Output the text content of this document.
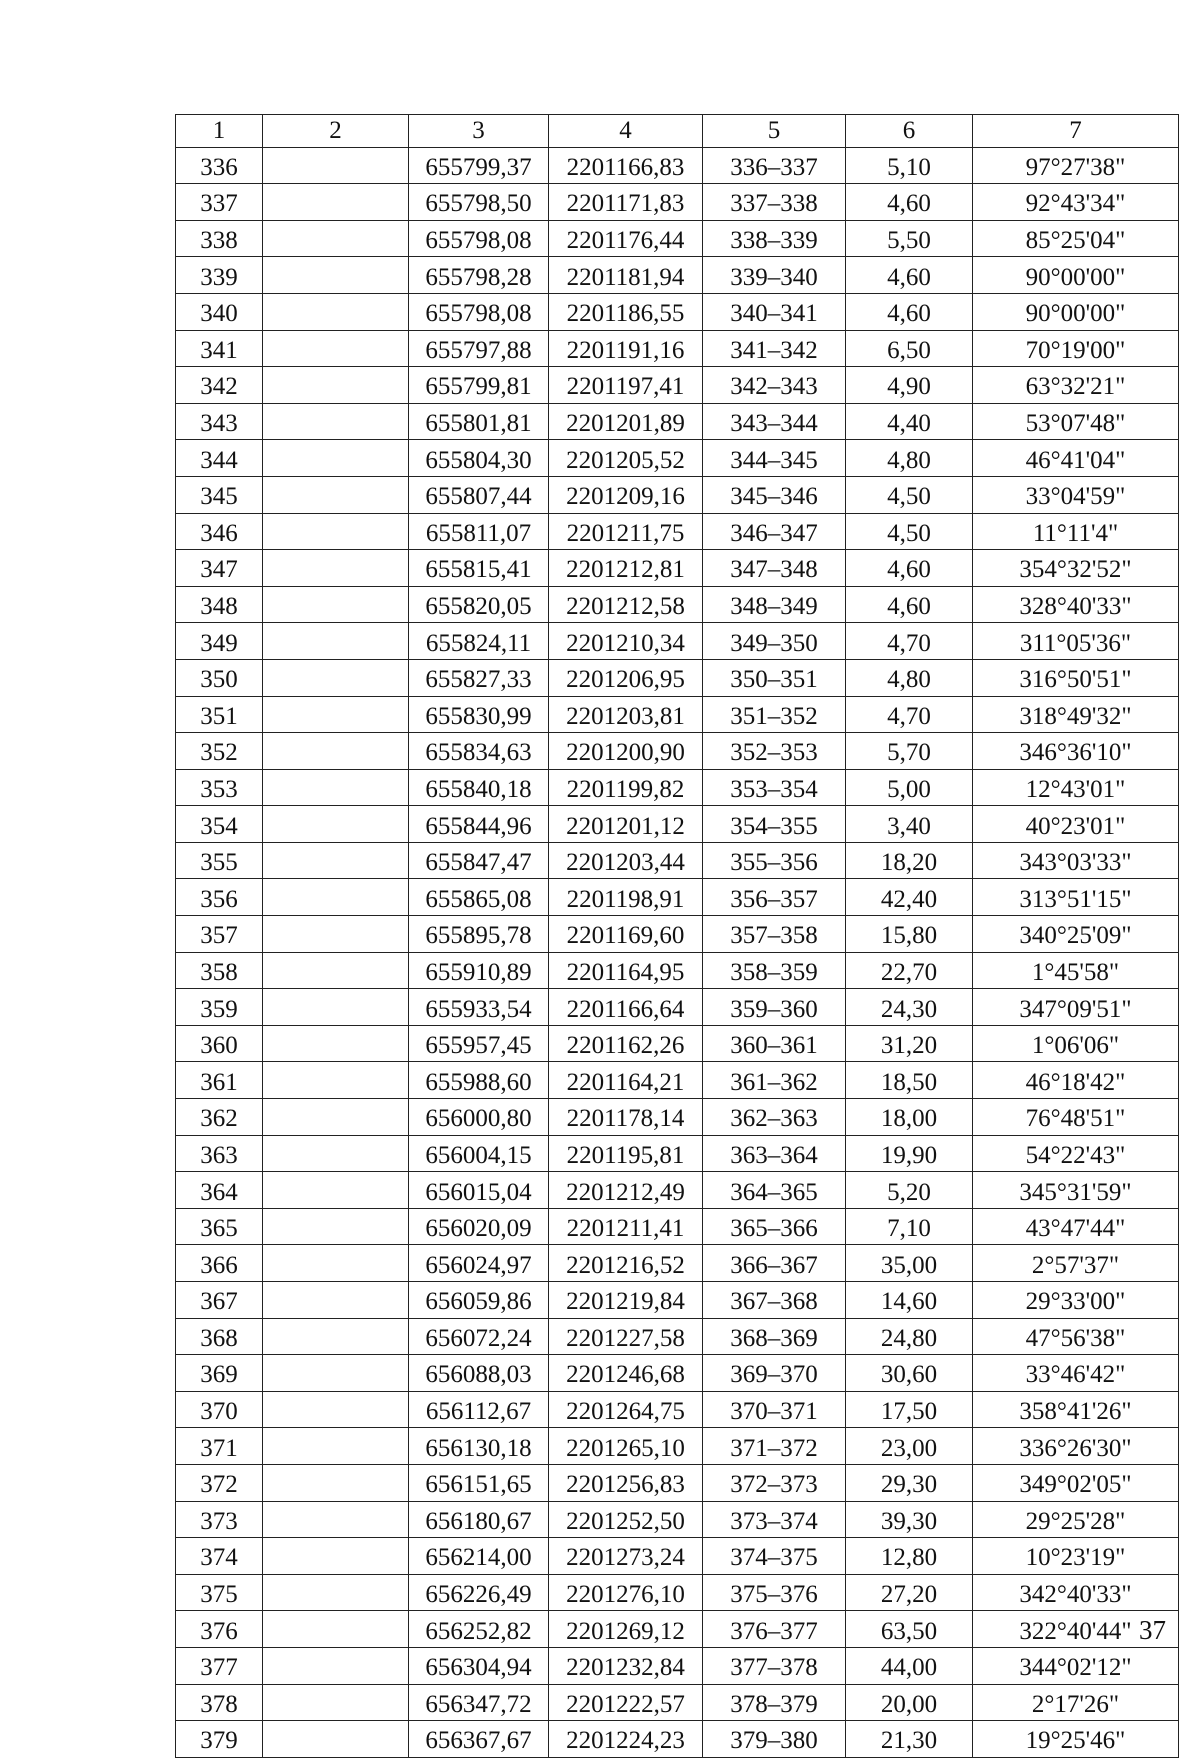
1	2	3	4	5	6	7
336		655799,37	2201166,83	336–337	5,10	97°27'38"
337		655798,50	2201171,83	337–338	4,60	92°43'34"
338		655798,08	2201176,44	338–339	5,50	85°25'04"
339		655798,28	2201181,94	339–340	4,60	90°00'00"
340		655798,08	2201186,55	340–341	4,60	90°00'00"
341		655797,88	2201191,16	341–342	6,50	70°19'00"
342		655799,81	2201197,41	342–343	4,90	63°32'21"
343		655801,81	2201201,89	343–344	4,40	53°07'48"
344		655804,30	2201205,52	344–345	4,80	46°41'04"
345		655807,44	2201209,16	345–346	4,50	33°04'59"
346		655811,07	2201211,75	346–347	4,50	11°11'4"
347		655815,41	2201212,81	347–348	4,60	354°32'52"
348		655820,05	2201212,58	348–349	4,60	328°40'33"
349		655824,11	2201210,34	349–350	4,70	311°05'36"
350		655827,33	2201206,95	350–351	4,80	316°50'51"
351		655830,99	2201203,81	351–352	4,70	318°49'32"
352		655834,63	2201200,90	352–353	5,70	346°36'10"
353		655840,18	2201199,82	353–354	5,00	12°43'01"
354		655844,96	2201201,12	354–355	3,40	40°23'01"
355		655847,47	2201203,44	355–356	18,20	343°03'33"
356		655865,08	2201198,91	356–357	42,40	313°51'15"
357		655895,78	2201169,60	357–358	15,80	340°25'09"
358		655910,89	2201164,95	358–359	22,70	1°45'58"
359		655933,54	2201166,64	359–360	24,30	347°09'51"
360		655957,45	2201162,26	360–361	31,20	1°06'06"
361		655988,60	2201164,21	361–362	18,50	46°18'42"
362		656000,80	2201178,14	362–363	18,00	76°48'51"
363		656004,15	2201195,81	363–364	19,90	54°22'43"
364		656015,04	2201212,49	364–365	5,20	345°31'59"
365		656020,09	2201211,41	365–366	7,10	43°47'44"
366		656024,97	2201216,52	366–367	35,00	2°57'37"
367		656059,86	2201219,84	367–368	14,60	29°33'00"
368		656072,24	2201227,58	368–369	24,80	47°56'38"
369		656088,03	2201246,68	369–370	30,60	33°46'42"
370		656112,67	2201264,75	370–371	17,50	358°41'26"
371		656130,18	2201265,10	371–372	23,00	336°26'30"
372		656151,65	2201256,83	372–373	29,30	349°02'05"
373		656180,67	2201252,50	373–374	39,30	29°25'28"
374		656214,00	2201273,24	374–375	12,80	10°23'19"
375		656226,49	2201276,10	375–376	27,20	342°40'33"
376		656252,82	2201269,12	376–377	63,50	322°40'44"
377		656304,94	2201232,84	377–378	44,00	344°02'12"
378		656347,72	2201222,57	378–379	20,00	2°17'26"
379		656367,67	2201224,23	379–380	21,30	19°25'46"
37
